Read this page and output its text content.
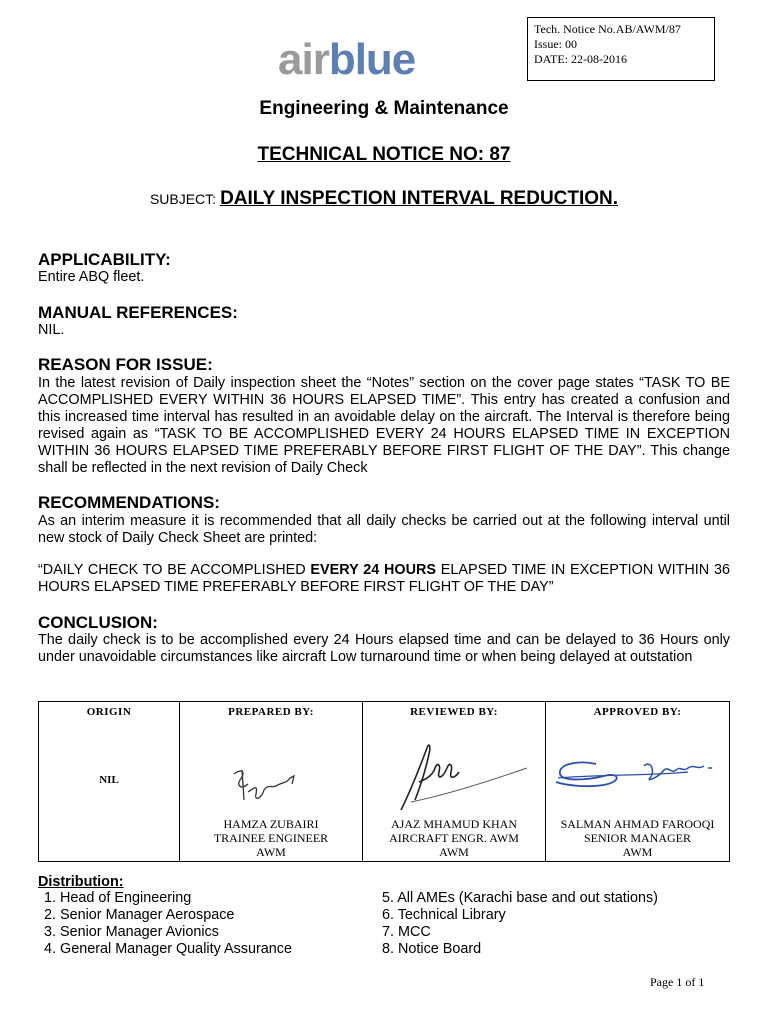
Tech. Notice No.AB/AWM/87
Issue: 00
DATE: 22-08-2016
airblue
Engineering & Maintenance
TECHNICAL NOTICE NO: 87
SUBJECT: DAILY INSPECTION INTERVAL REDUCTION.
APPLICABILITY:
Entire ABQ fleet.
MANUAL REFERENCES:
NIL.
REASON FOR ISSUE:
In the latest revision of Daily inspection sheet the “Notes” section on the cover page states “TASK TO BE ACCOMPLISHED EVERY WITHIN 36 HOURS ELAPSED TIME”. This entry has created a confusion and this increased time interval has resulted in an avoidable delay on the aircraft. The Interval is therefore being revised again as “TASK TO BE ACCOMPLISHED EVERY 24 HOURS ELAPSED TIME IN EXCEPTION WITHIN 36 HOURS ELAPSED TIME PREFERABLY BEFORE FIRST FLIGHT OF THE DAY”. This change shall be reflected in the next revision of Daily Check
RECOMMENDATIONS:
As an interim measure it is recommended that all daily checks be carried out at the following interval until new stock of Daily Check Sheet are printed:
“DAILY CHECK TO BE ACCOMPLISHED EVERY 24 HOURS ELAPSED TIME IN EXCEPTION WITHIN 36 HOURS ELAPSED TIME PREFERABLY BEFORE FIRST FLIGHT OF THE DAY”
CONCLUSION:
The daily check is to be accomplished every 24 Hours elapsed time and can be delayed to 36 Hours only under unavoidable circumstances like aircraft Low turnaround time or when being delayed at outstation
ORIGIN
NIL
PREPARED BY:
HAMZA ZUBAIRI
TRAINEE ENGINEER
AWM
REVIEWED BY:
AJAZ MHAMUD KHAN
AIRCRAFT ENGR. AWM
AWM
APPROVED BY:
SALMAN AHMAD FAROOQI
SENIOR MANAGER
AWM
Distribution:
1. Head of Engineering
2. Senior Manager Aerospace
3. Senior Manager Avionics
4. General Manager Quality Assurance
5. All AMEs (Karachi base and out stations)
6. Technical Library
7. MCC
8. Notice Board
Page 1 of 1
